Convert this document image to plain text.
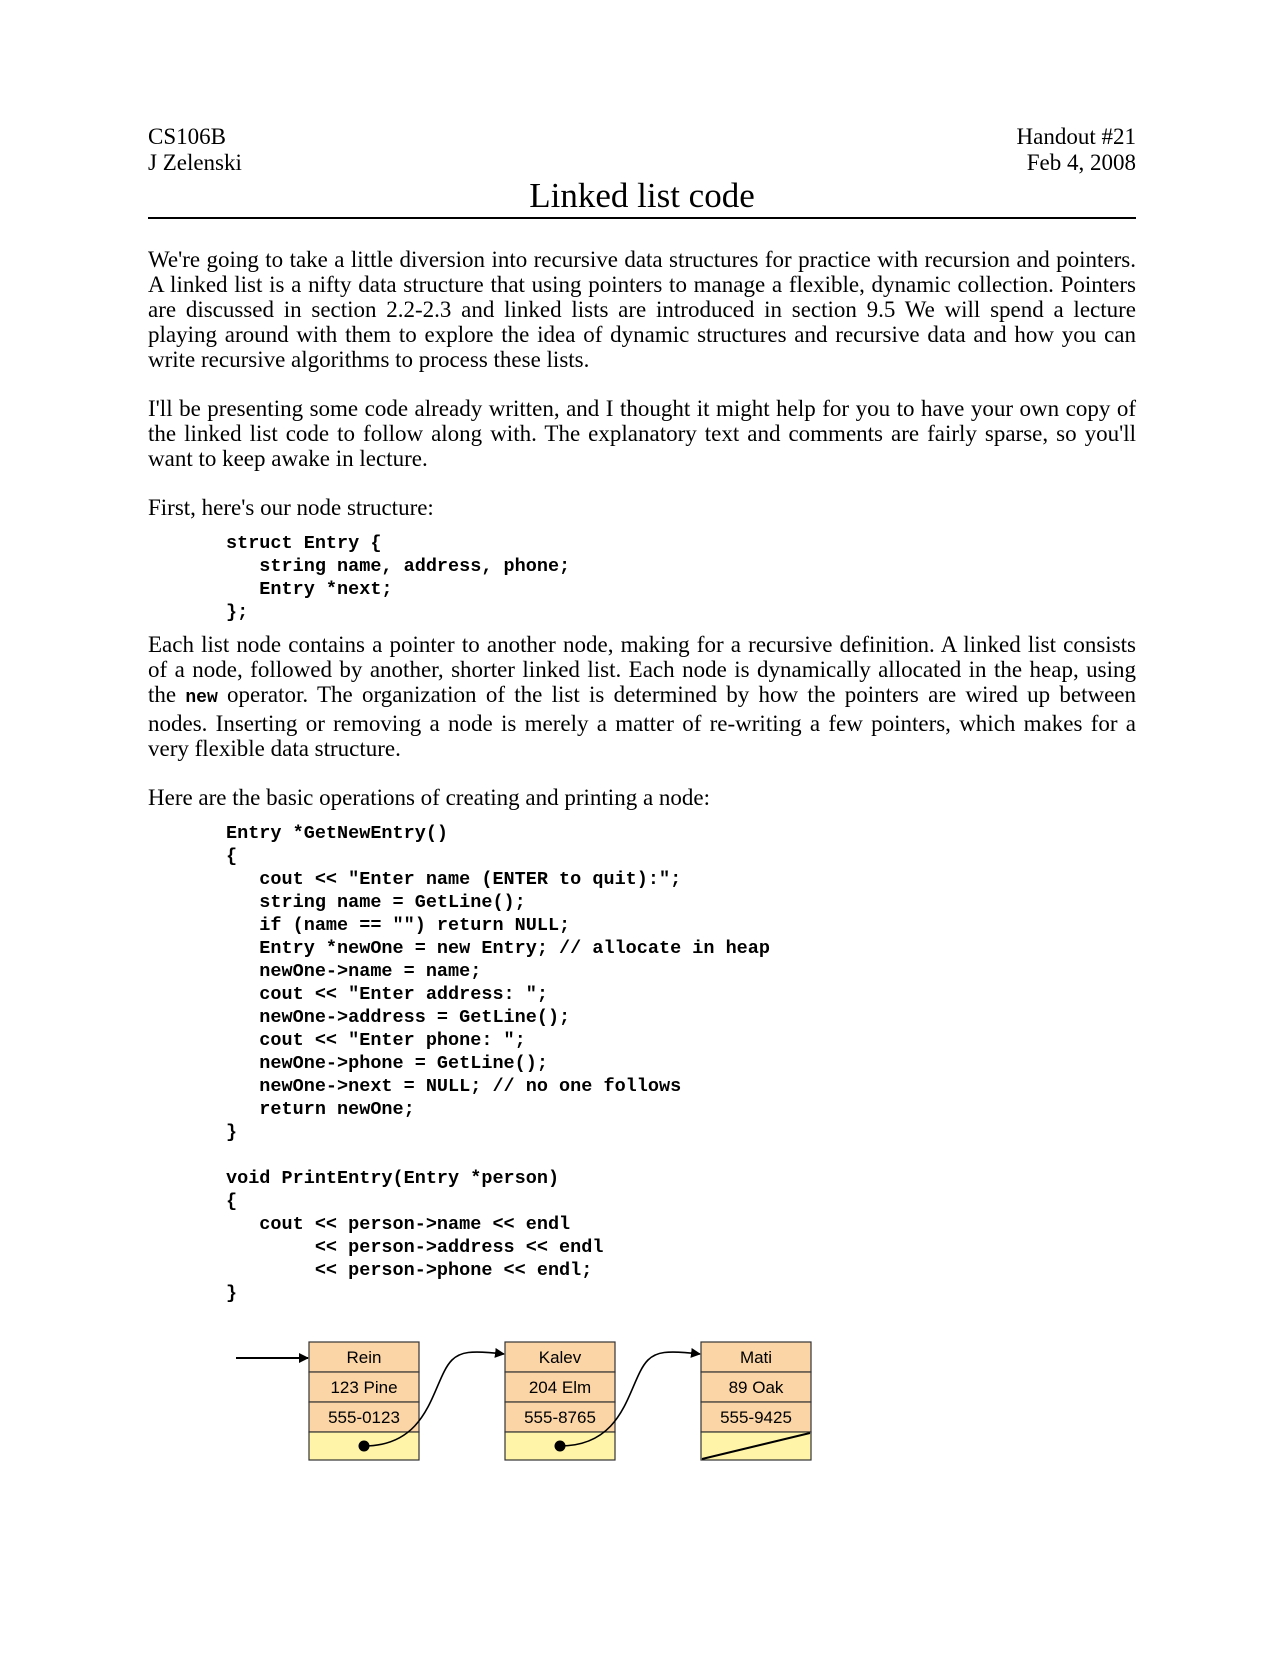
CS106B
J Zelenski
Handout #21
Feb 4, 2008
Linked list code

We're going to take a little diversion into recursive data structures for practice with recursion and pointers. A linked list is a nifty data structure that using pointers to manage a flexible, dynamic collection. Pointers are discussed in section 2.2-2.3 and linked lists are introduced in section 9.5 We will spend a lecture playing around with them to explore the idea of dynamic structures and recursive data and how you can write recursive algorithms to process these lists.

I'll be presenting some code already written, and I thought it might help for you to have your own copy of the linked list code to follow along with. The explanatory text and comments are fairly sparse, so you'll want to keep awake in lecture.

First, here's our node structure:

struct Entry {
string name, address, phone;
Entry *next;
};

Each list node contains a pointer to another node, making for a recursive definition. A linked list consists of a node, followed by another, shorter linked list. Each node is dynamically allocated in the heap, using the new operator. The organization of the list is determined by how the pointers are wired up between nodes. Inserting or removing a node is merely a matter of re-writing a few pointers, which makes for a very flexible data structure.

Here are the basic operations of creating and printing a node:

Entry *GetNewEntry()
{
cout << "Enter name (ENTER to quit):";
string name = GetLine();
if (name == "") return NULL;
Entry *newOne = new Entry; // allocate in heap
newOne->name = name;
cout << "Enter address: ";
newOne->address = GetLine();
cout << "Enter phone: ";
newOne->phone = GetLine();
newOne->next = NULL; // no one follows
return newOne;
}
void PrintEntry(Entry *person)
{
cout << person->name << endl
<< person->address << endl
<< person->phone << endl;
}
Rein
123 Pine
555-0123
Kalev
204 Elm
555-8765
Mati
89 Oak
555-9425
